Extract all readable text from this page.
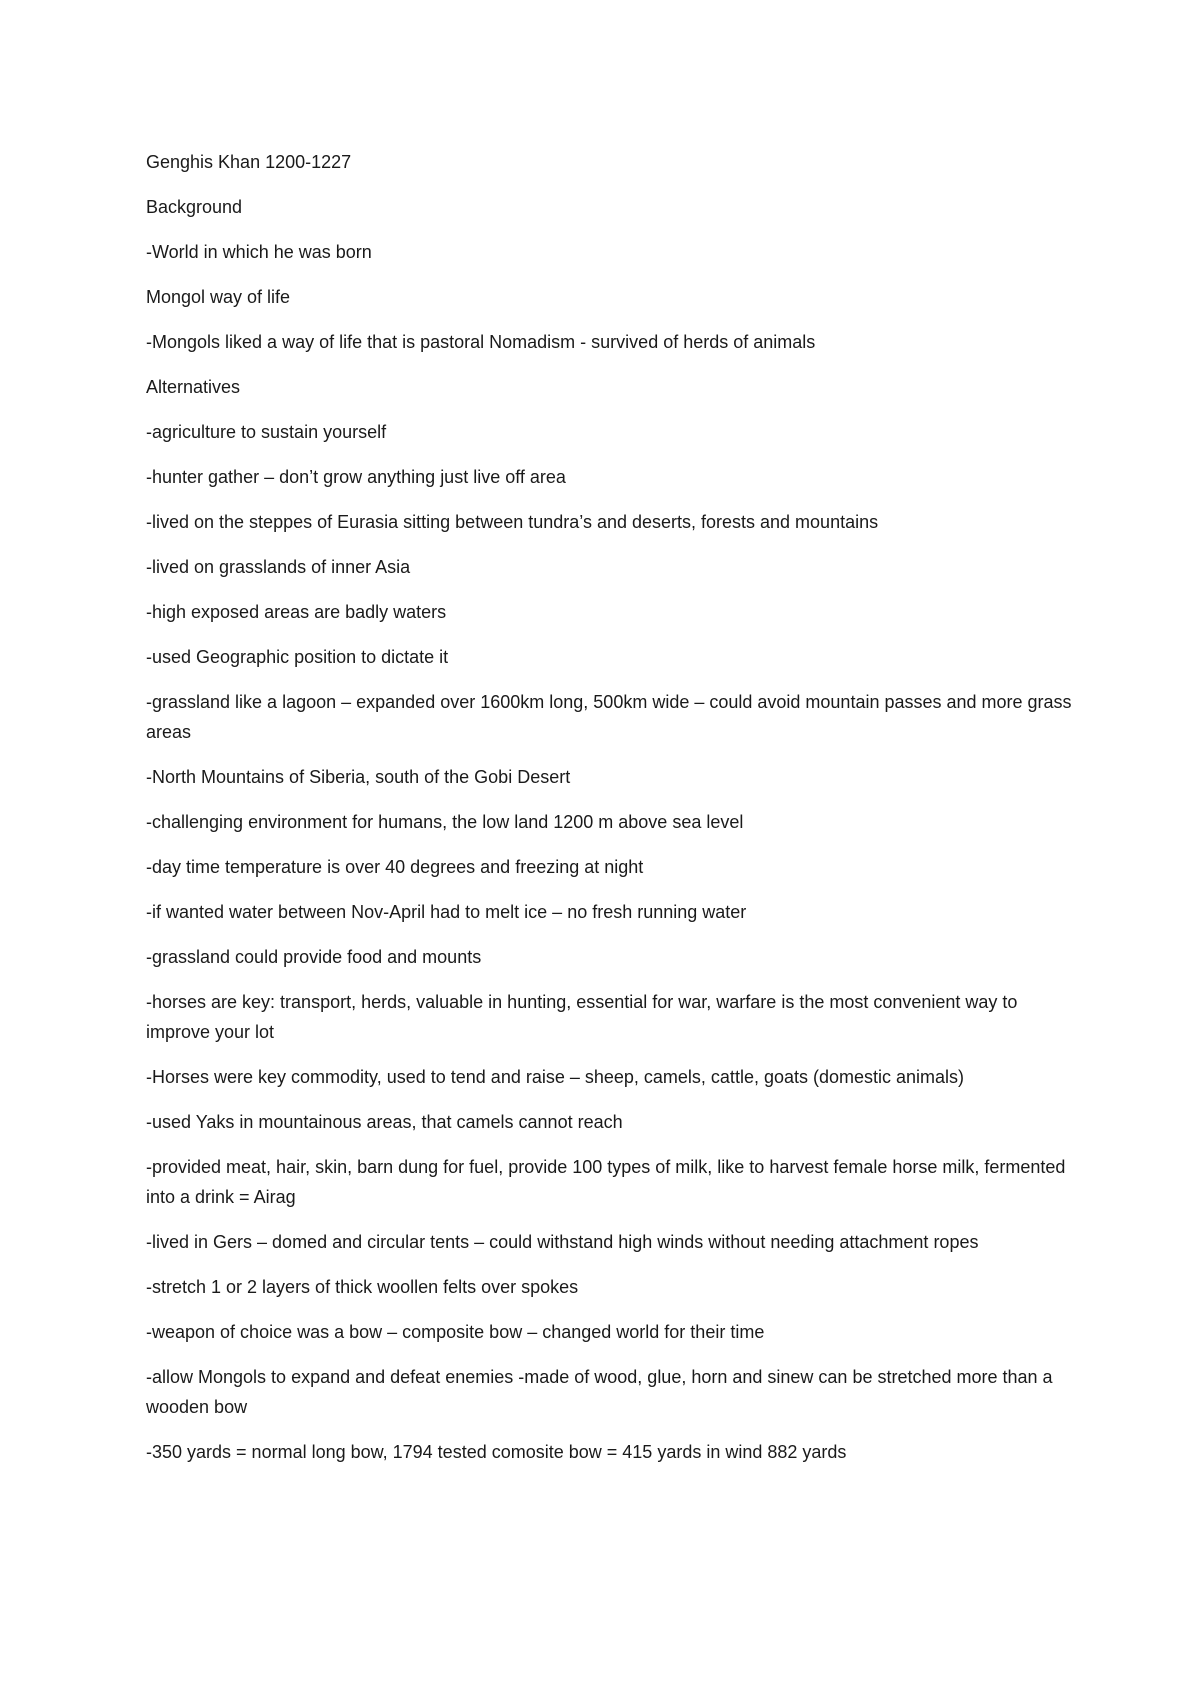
Genghis Khan 1200-1227

Background

-World in which he was born

Mongol way of life

-Mongols liked a way of life that is pastoral Nomadism - survived of herds of animals

Alternatives

-agriculture to sustain yourself

-hunter gather – don’t grow anything just live off area

-lived on the steppes of Eurasia sitting between tundra’s and deserts, forests and mountains

-lived on grasslands of inner Asia

-high exposed areas are badly waters

-used Geographic position to dictate it

-grassland like a lagoon – expanded over 1600km long, 500km wide – could avoid mountain passes and more grass areas

-North Mountains of Siberia, south of the Gobi Desert

-challenging environment for humans, the low land 1200 m above sea level

-day time temperature is over 40 degrees and freezing at night

-if wanted water between Nov-April had to melt ice – no fresh running water

-grassland could provide food and mounts

-horses are key: transport, herds, valuable in hunting, essential for war, warfare is the most convenient way to improve your lot

-Horses were key commodity, used to tend and raise – sheep, camels, cattle, goats (domestic animals)

-used Yaks in mountainous areas, that camels cannot reach

-provided meat, hair, skin, barn dung for fuel, provide 100 types of milk, like to harvest female horse milk, fermented into a drink = Airag

-lived in Gers – domed and circular tents – could withstand high winds without needing attachment ropes

-stretch 1 or 2 layers of thick woollen felts over spokes

-weapon of choice was a bow – composite bow – changed world for their time

-allow Mongols to expand and defeat enemies -made of wood, glue, horn and sinew can be stretched more than a wooden bow

-350 yards = normal long bow, 1794 tested comosite bow = 415 yards in wind 882 yards
